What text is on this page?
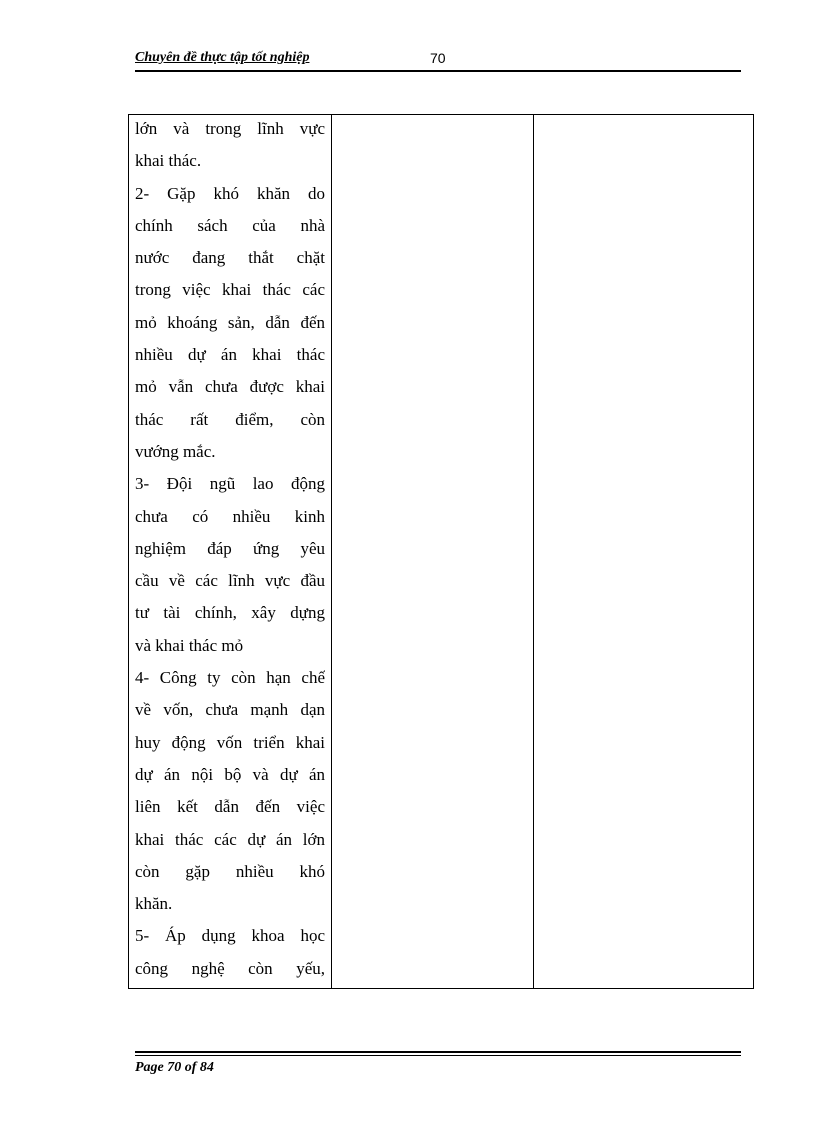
Chuyên đề thực tập tốt nghiệp	70
lớn và trong lĩnh vực
khai thác.
2- Gặp khó khăn do
chính sách của nhà
nước đang thắt chặt
trong việc khai thác các
mỏ khoáng sản, dẫn đến
nhiều dự án khai thác
mỏ vẫn chưa được khai
thác rất điểm, còn
vướng mắc.
3- Đội ngũ lao động
chưa có nhiều kinh
nghiệm đáp ứng yêu
cầu về các lĩnh vực đầu
tư tài chính, xây dựng
và khai thác mỏ
4- Công ty còn hạn chế
về vốn, chưa mạnh dạn
huy động vốn triển khai
dự án nội bộ và dự án
liên kết dẫn đến việc
khai thác các dự án lớn
còn gặp nhiều khó
khăn.
5- Áp dụng khoa học
công nghệ còn yếu,

Page 70 of 84
